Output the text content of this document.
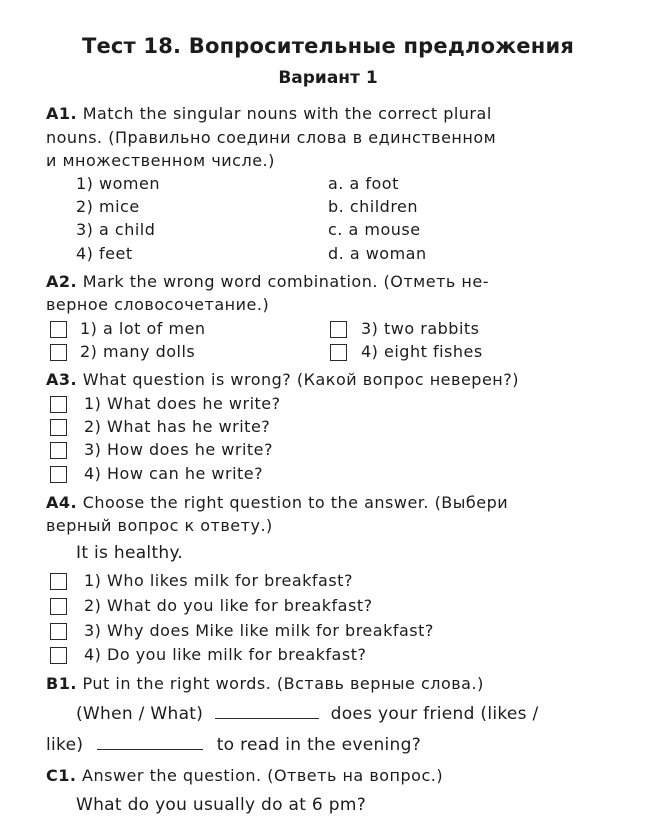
Тест 18. Вопросительные предложения
Вариант 1
A1. Match the singular nouns with the correct plural
nouns. (Правильно соедини слова в единственном
и множественном числе.)
1) women
2) mice
3) a child
4) feet
a. a foot
b. children
c. a mouse
d. a woman
A2. Mark the wrong word combination. (Отметь не-
верное словосочетание.)
1) a lot of men
2) many dolls
3) two rabbits
4) eight fishes
A3. What question is wrong? (Какой вопрос неверен?)
1) What does he write?
2) What has he write?
3) How does he write?
4) How can he write?
A4. Choose the right question to the answer. (Выбери
верный вопрос к ответу.)
It is healthy.
1) Who likes milk for breakfast?
2) What do you like for breakfast?
3) Why does Mike like milk for breakfast?
4) Do you like milk for breakfast?
B1. Put in the right words. (Вставь верные слова.)
(When / What)	does your friend (likes /
like)	to read in the evening?
C1. Answer the question. (Ответь на вопрос.)
What do you usually do at 6 pm?
